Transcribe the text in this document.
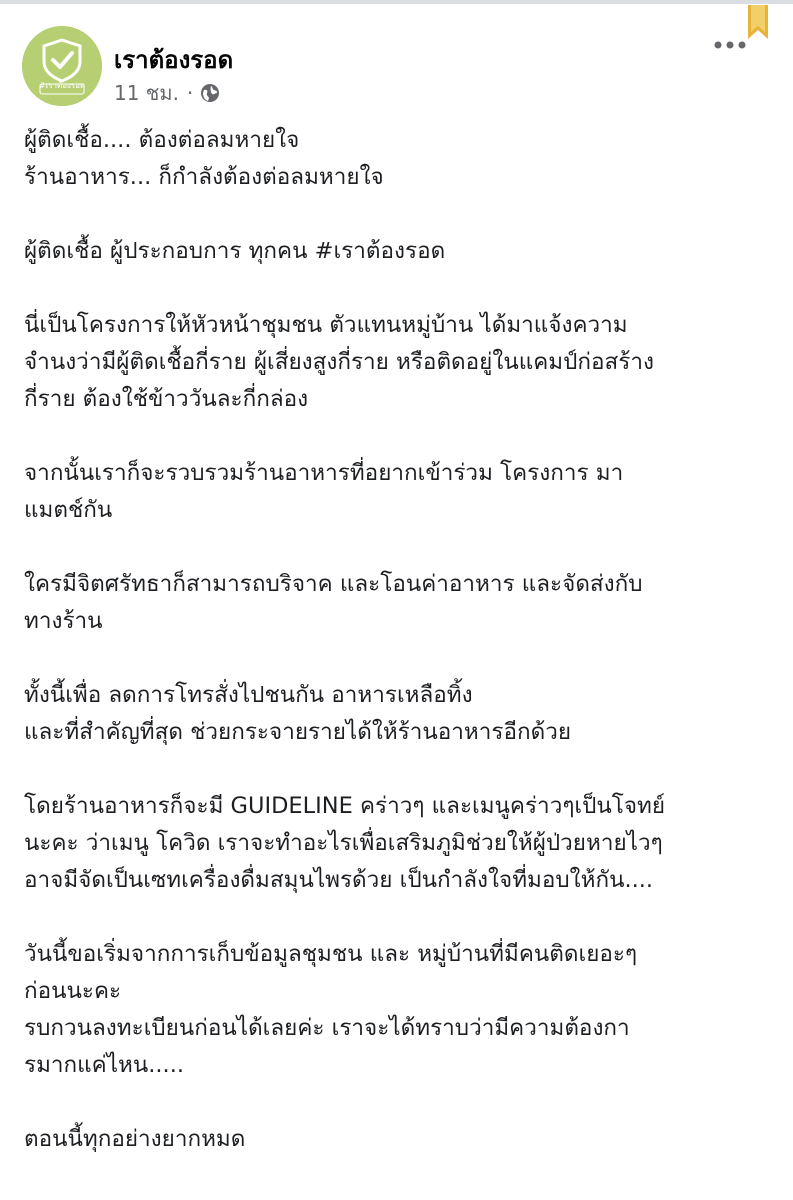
#เราต้องรอด
เราต้องรอด
11 ชม. ·
ผู้ติดเชื้อ.... ต้องต่อลมหายใจ
ร้านอาหาร... ก็กำลังต้องต่อลมหายใจ
ผู้ติดเชื้อ ผู้ประกอบการ ทุกคน #เราต้องรอด
นี่เป็นโครงการให้หัวหน้าชุมชน ตัวแทนหมู่บ้าน ได้มาแจ้งความ
จำนงว่ามีผู้ติดเชื้อกี่ราย ผู้เสี่ยงสูงกี่ราย หรือติดอยู่ในแคมป์ก่อสร้าง
กี่ราย ต้องใช้ข้าววันละกี่กล่อง
จากนั้นเราก็จะรวบรวมร้านอาหารที่อยากเข้าร่วม โครงการ มา
แมตช์กัน
ใครมีจิตศรัทธาก็สามารถบริจาค และโอนค่าอาหาร และจัดส่งกับ
ทางร้าน
ทั้งนี้เพื่อ ลดการโทรสั่งไปชนกัน อาหารเหลือทิ้ง
และที่สำคัญที่สุด ช่วยกระจายรายได้ให้ร้านอาหารอีกด้วย
โดยร้านอาหารก็จะมี GUIDELINE คร่าวๆ และเมนูคร่าวๆเป็นโจทย์
นะคะ ว่าเมนู โควิด เราจะทำอะไรเพื่อเสริมภูมิช่วยให้ผู้ป่วยหายไวๆ
อาจมีจัดเป็นเซทเครื่องดื่มสมุนไพรด้วย เป็นกำลังใจที่มอบให้กัน....
วันนี้ขอเริ่มจากการเก็บข้อมูลชุมชน และ หมู่บ้านที่มีคนติดเยอะๆ
ก่อนนะคะ
รบกวนลงทะเบียนก่อนได้เลยค่ะ เราจะได้ทราบว่ามีความต้องกา
รมากแค่ไหน.....
ตอนนี้ทุกอย่างยากหมด
